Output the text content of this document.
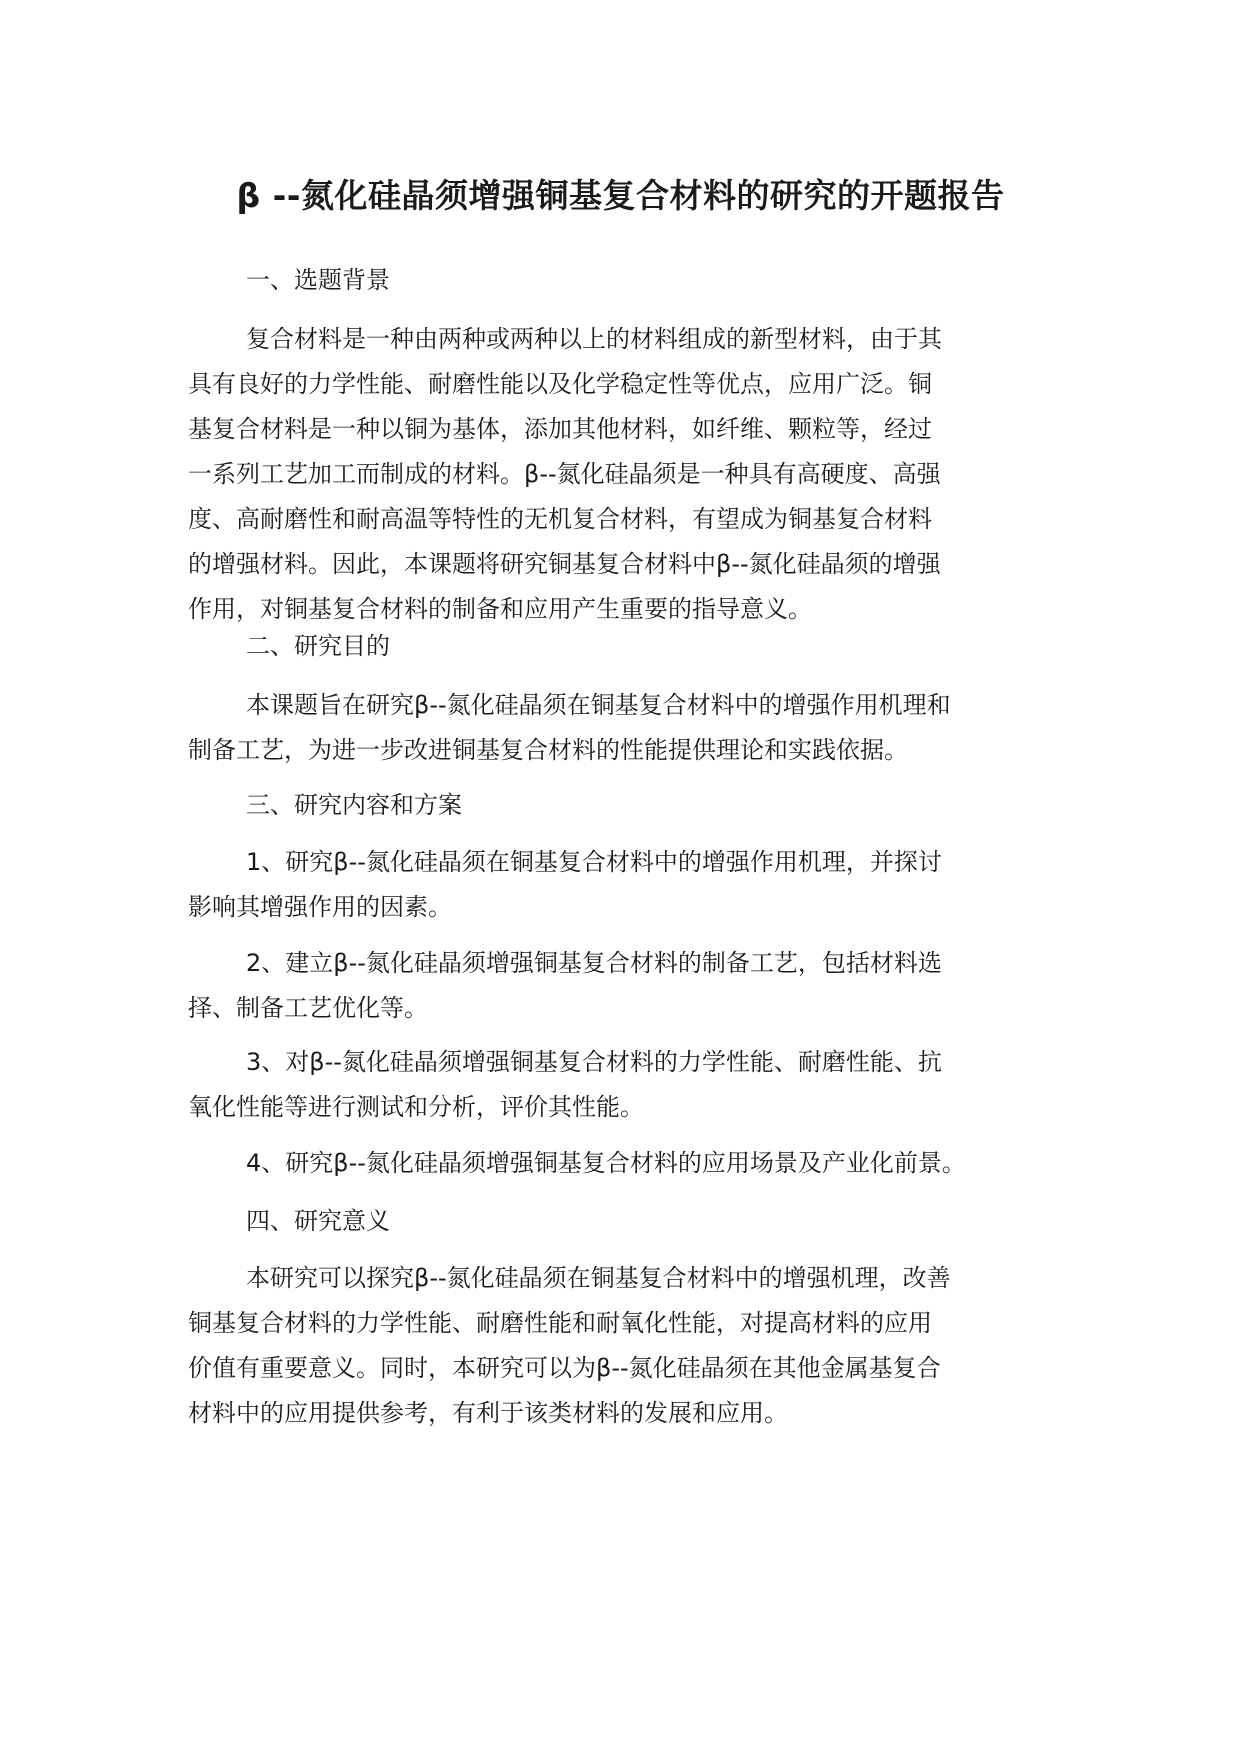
β --氮化硅晶须增强铜基复合材料的研究的开题报告
一、选题背景
复合材料是一种由两种或两种以上的材料组成的新型材料，由于其
具有良好的力学性能、耐磨性能以及化学稳定性等优点，应用广泛。铜
基复合材料是一种以铜为基体，添加其他材料，如纤维、颗粒等，经过
一系列工艺加工而制成的材料。β--氮化硅晶须是一种具有高硬度、高强
度、高耐磨性和耐高温等特性的无机复合材料，有望成为铜基复合材料
的增强材料。因此，本课题将研究铜基复合材料中β--氮化硅晶须的增强
作用，对铜基复合材料的制备和应用产生重要的指导意义。
二、研究目的
本课题旨在研究β--氮化硅晶须在铜基复合材料中的增强作用机理和
制备工艺，为进一步改进铜基复合材料的性能提供理论和实践依据。
三、研究内容和方案
1、研究β--氮化硅晶须在铜基复合材料中的增强作用机理，并探讨
影响其增强作用的因素。
2、建立β--氮化硅晶须增强铜基复合材料的制备工艺，包括材料选
择、制备工艺优化等。
3、对β--氮化硅晶须增强铜基复合材料的力学性能、耐磨性能、抗
氧化性能等进行测试和分析，评价其性能。
4、研究β--氮化硅晶须增强铜基复合材料的应用场景及产业化前景。
四、研究意义
本研究可以探究β--氮化硅晶须在铜基复合材料中的增强机理，改善
铜基复合材料的力学性能、耐磨性能和耐氧化性能，对提高材料的应用
价值有重要意义。同时，本研究可以为β--氮化硅晶须在其他金属基复合
材料中的应用提供参考，有利于该类材料的发展和应用。
